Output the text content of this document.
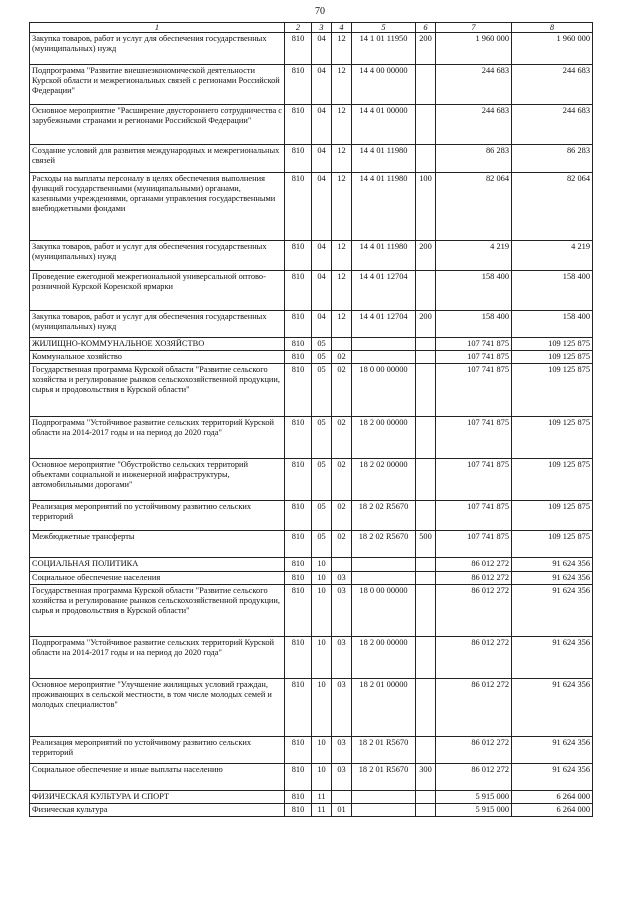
70
1	2	3	4	5	6	7	8
Закупка товаров, работ и услуг для обеспечения государственных (муниципальных) нужд	810	04	12	14 1 01 11950	200	1 960 000	1 960 000
Подпрограмма "Развитие внешнеэкономической деятельности Курской области и межрегиональных связей с регионами Российской Федерации"	810	04	12	14 4 00 00000		244 683	244 683
Основное мероприятие "Расширение двустороннего сотрудничества с зарубежными странами и регионами Российской Федерации"	810	04	12	14 4 01 00000		244 683	244 683
Создание условий для развития международных и межрегиональных связей	810	04	12	14 4 01 11980		86 283	86 283
Расходы на выплаты персоналу в целях обеспечения выполнения функций государственными (муниципальными) органами, казенными учреждениями, органами управления государственными внебюджетными фондами	810	04	12	14 4 01 11980	100	82 064	82 064
Закупка товаров, работ и услуг для обеспечения государственных (муниципальных) нужд	810	04	12	14 4 01 11980	200	4 219	4 219
Проведение ежегодной межрегиональной универсальной оптово-розничной Курской Коренской ярмарки	810	04	12	14 4 01 12704		158 400	158 400
Закупка товаров, работ и услуг для обеспечения государственных (муниципальных) нужд	810	04	12	14 4 01 12704	200	158 400	158 400
ЖИЛИЩНО-КОММУНАЛЬНОЕ ХОЗЯЙСТВО	810	05				107 741 875	109 125 875
Коммунальное хозяйство	810	05	02			107 741 875	109 125 875
Государственная программа Курской области "Развитие сельского хозяйства и регулирование рынков сельскохозяйственной продукции, сырья и продовольствия в Курской области"	810	05	02	18 0 00 00000		107 741 875	109 125 875
Подпрограмма "Устойчивое развитие сельских территорий Курской области на 2014-2017 годы и на период до 2020 года"	810	05	02	18 2 00 00000		107 741 875	109 125 875
Основное мероприятие "Обустройство сельских территорий объектами социальной и инженерной инфраструктуры, автомобильными дорогами"	810	05	02	18 2 02 00000		107 741 875	109 125 875
Реализация мероприятий по устойчивому развитию сельских территорий	810	05	02	18 2 02 R5670		107 741 875	109 125 875
Межбюджетные трансферты	810	05	02	18 2 02 R5670	500	107 741 875	109 125 875
СОЦИАЛЬНАЯ ПОЛИТИКА	810	10				86 012 272	91 624 356
Социальное обеспечение населения	810	10	03			86 012 272	91 624 356
Государственная программа Курской области "Развитие сельского хозяйства и регулирование рынков сельскохозяйственной продукции, сырья и продовольствия в Курской области"	810	10	03	18 0 00 00000		86 012 272	91 624 356
Подпрограмма "Устойчивое развитие сельских территорий Курской области на 2014-2017 годы и на период до 2020 года"	810	10	03	18 2 00 00000		86 012 272	91 624 356
Основное мероприятие "Улучшение жилищных условий граждан, проживающих в сельской местности, в том числе молодых семей и молодых специалистов"	810	10	03	18 2 01 00000		86 012 272	91 624 356
Реализация мероприятий по устойчивому развитию сельских территорий	810	10	03	18 2 01 R5670		86 012 272	91 624 356
Социальное обеспечение и иные выплаты населению	810	10	03	18 2 01 R5670	300	86 012 272	91 624 356
ФИЗИЧЕСКАЯ КУЛЬТУРА И СПОРТ	810	11				5 915 000	6 264 000
Физическая культура	810	11	01			5 915 000	6 264 000
